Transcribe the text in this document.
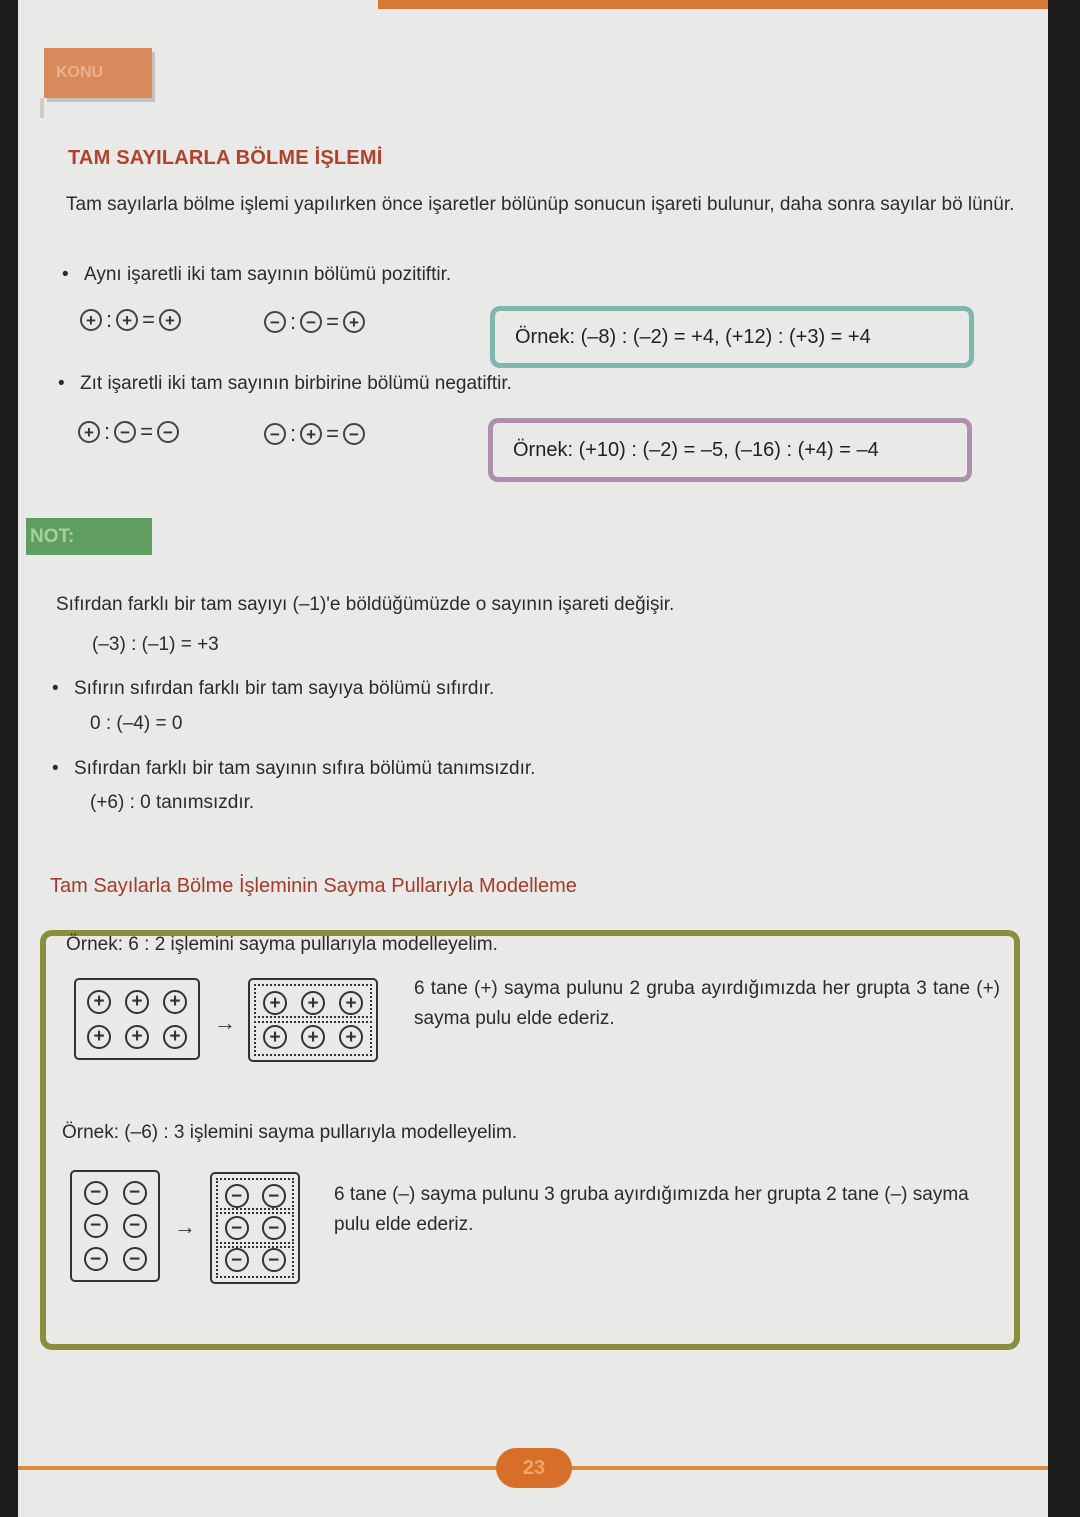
KONU
TAM SAYILARLA BÖLME İŞLEMİ

Tam sayılarla bölme işlemi yapılırken önce işaretler bölünüp sonucun işareti bulunur, daha sonra sayılar bö lünür.

• Aynı işaretli iki tam sayının bölümü pozitiftir.
+ : + = +	− : − = +
Örnek: (–8) : (–2) = +4, (+12) : (+3) = +4
• Zıt işaretli iki tam sayının birbirine bölümü negatiftir.
+ : − = −	− : + = −
Örnek: (+10) : (–2) = –5, (–16) : (+4) = –4
NOT:
Sıfırdan farklı bir tam sayıyı (–1)'e böldüğümüzde o sayının işareti değişir.
(–3) : (–1) = +3
• Sıfırın sıfırdan farklı bir tam sayıya bölümü sıfırdır.
0 : (–4) = 0
• Sıfırdan farklı bir tam sayının sıfıra bölümü tanımsızdır.
(+6) : 0 tanımsızdır.
Tam Sayılarla Bölme İşleminin Sayma Pullarıyla Modelleme
Örnek: 6 : 2 işlemini sayma pullarıyla modelleyelim.
+	+	+
+	+	+
→
+	+	+
+	+	+
6 tane (+) sayma pulunu 2 gruba ayırdığımızda her grupta 3 tane (+) sayma pulu elde ederiz.
Örnek: (–6) : 3 işlemini sayma pullarıyla modelleyelim.
−	−
−	−
−	−
→
−	−
−	−
−	−
6 tane (–) sayma pulunu 3 gruba ayırdığımızda her grupta 2 tane (–) sayma pulu elde ederiz.
23
